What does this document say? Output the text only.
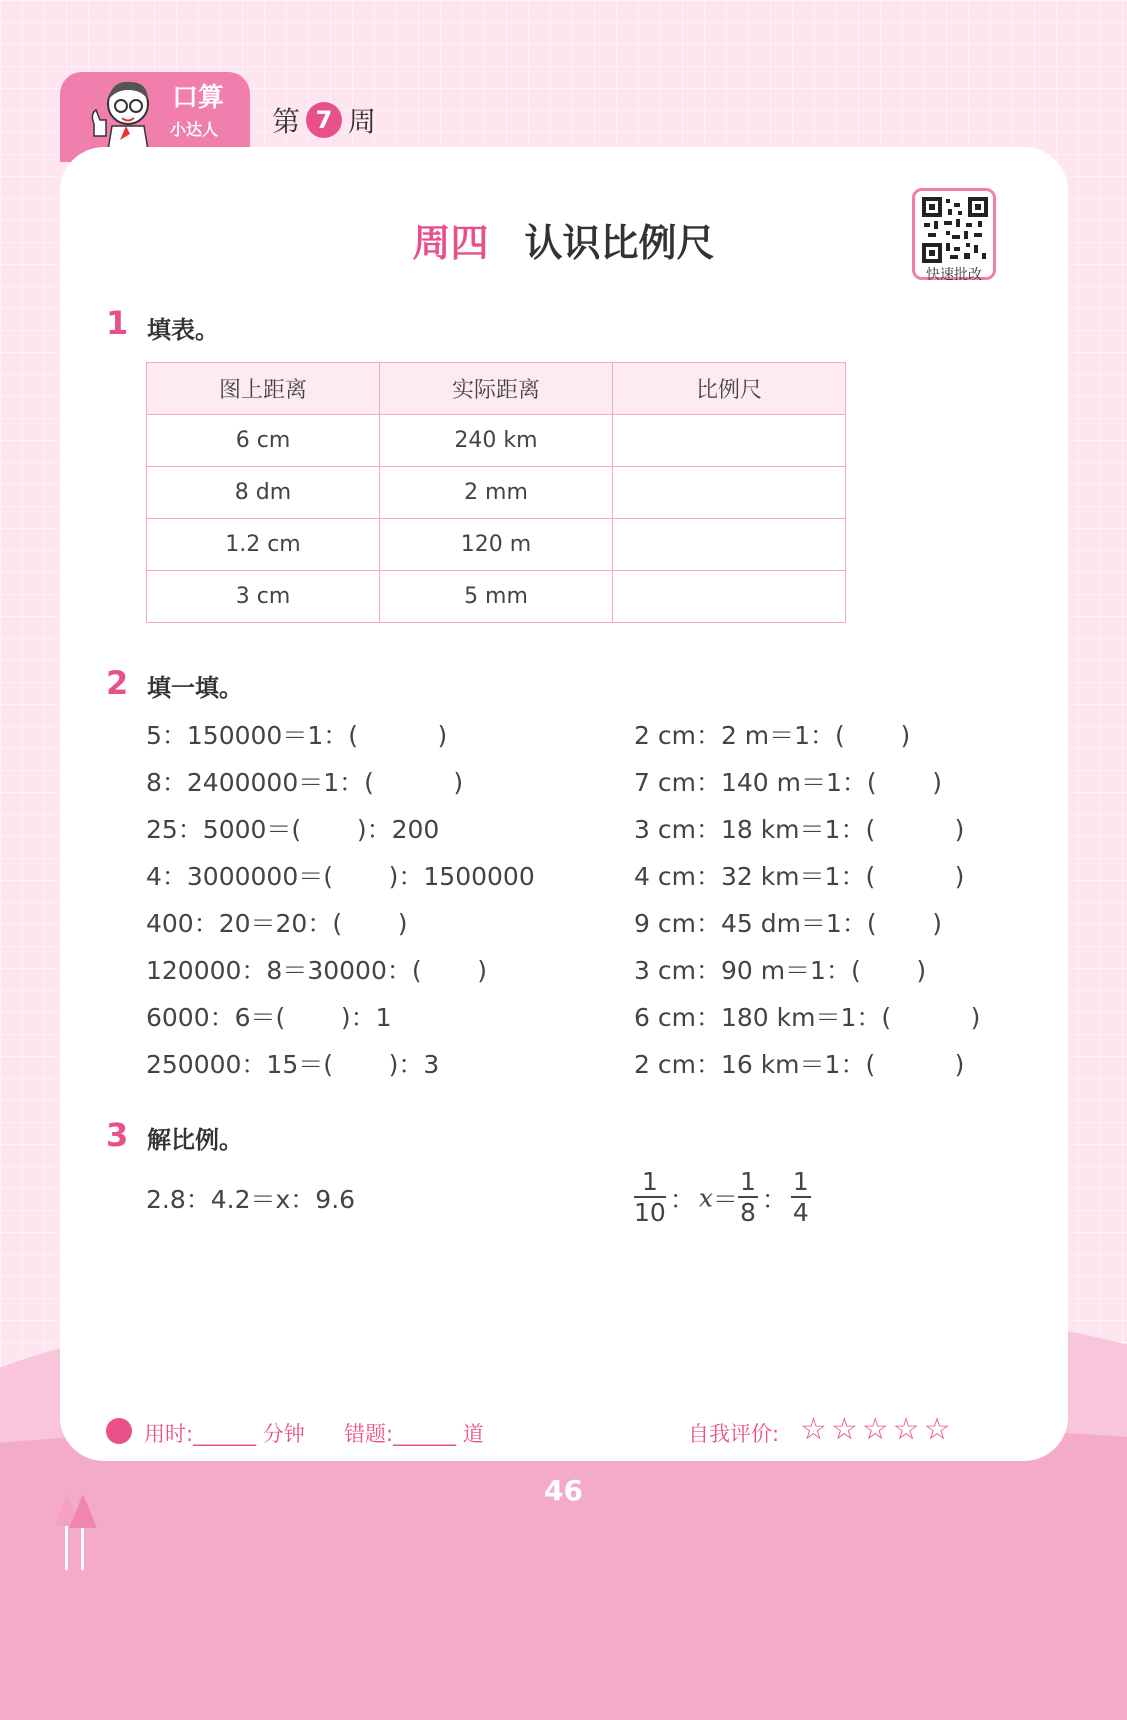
口算
小达人 第 7 周
周四 认识比例尺
快速批改
1 填表。
图上距离	实际距离	比例尺
6 cm	240 km	
8 dm	2 mm	
1.2 cm	120 m	
3 cm	5 mm	
2 填一填。
5：150000＝1：(          )
8：2400000＝1：(          )
25：5000＝(       )：200
4：3000000＝(       )：1500000
400：20＝20：(       )
120000：8＝30000：(       )
6000：6＝(       )：1
250000：15＝(       )：3
2 cm：2 m＝1：(       )
7 cm：140 m＝1：(       )
3 cm：18 km＝1：(          )
4 cm：32 km＝1：(          )
9 cm：45 dm＝1：(       )
3 cm：90 m＝1：(       )
6 cm：180 km＝1：(          )
2 cm：16 km＝1：(          )
3 解比例。
2.8：4.2＝x：9.6	$\frac{1}{10}$ ： $x= \frac{1}{8}$ ： $\frac{1}{4}$
用时:______ 分钟 错题:______ 道	自我评价: ☆☆☆☆☆
46
